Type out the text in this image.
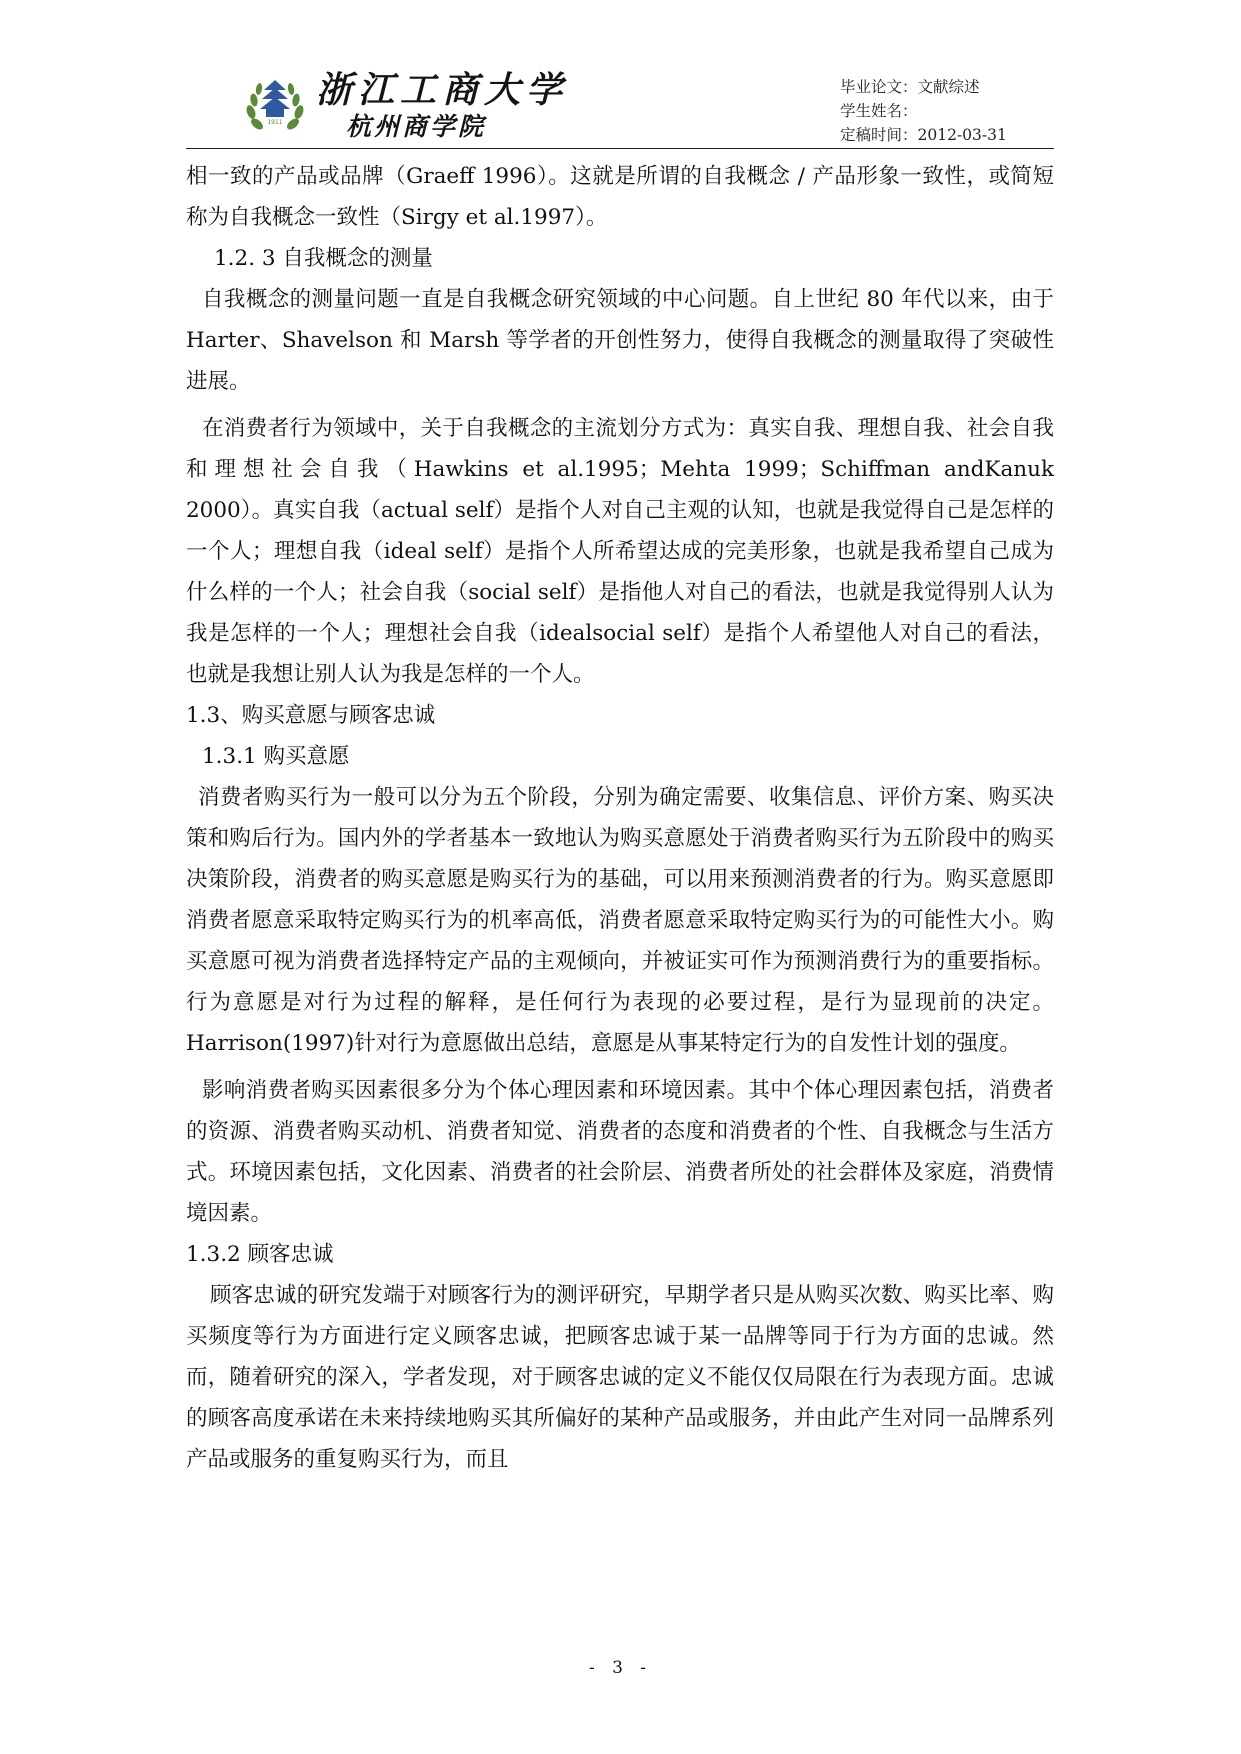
1911
浙江工商大学
杭州商学院
毕业论文：文献综述
学生姓名：
定稿时间：2012-03-31

相一致的产品或品牌（Graeff 1996）。这就是所谓的自我概念 / 产品形象一致性，或简短称为自我概念一致性（Sirgy et al.1997）。

1.2. 3 自我概念的测量

自我概念的测量问题一直是自我概念研究领域的中心问题。自上世纪 80 年代以来，由于 Harter、Shavelson 和 Marsh 等学者的开创性努力，使得自我概念的测量取得了突破性进展。

在消费者行为领域中，关于自我概念的主流划分方式为：真实自我、理想自我、社会自我和理想社会自我（Hawkins et al.1995；Mehta 1999；Schiffman andKanuk 2000）。真实自我（actual self）是指个人对自己主观的认知，也就是我觉得自己是怎样的一个人；理想自我（ideal self）是指个人所希望达成的完美形象，也就是我希望自己成为什么样的一个人；社会自我（social self）是指他人对自己的看法，也就是我觉得别人认为我是怎样的一个人；理想社会自我（idealsocial self）是指个人希望他人对自己的看法，也就是我想让别人认为我是怎样的一个人。

1.3、购买意愿与顾客忠诚

1.3.1 购买意愿

消费者购买行为一般可以分为五个阶段，分别为确定需要、收集信息、评价方案、购买决策和购后行为。国内外的学者基本一致地认为购买意愿处于消费者购买行为五阶段中的购买决策阶段，消费者的购买意愿是购买行为的基础，可以用来预测消费者的行为。购买意愿即消费者愿意采取特定购买行为的机率高低，消费者愿意采取特定购买行为的可能性大小。购买意愿可视为消费者选择特定产品的主观倾向，并被证实可作为预测消费行为的重要指标。行为意愿是对行为过程的解释，是任何行为表现的必要过程，是行为显现前的决定。Harrison(1997)针对行为意愿做出总结，意愿是从事某特定行为的自发性计划的强度。

影响消费者购买因素很多分为个体心理因素和环境因素。其中个体心理因素包括，消费者的资源、消费者购买动机、消费者知觉、消费者的态度和消费者的个性、自我概念与生活方式。环境因素包括，文化因素、消费者的社会阶层、消费者所处的社会群体及家庭，消费情境因素。

1.3.2 顾客忠诚

顾客忠诚的研究发端于对顾客行为的测评研究，早期学者只是从购买次数、购买比率、购买频度等行为方面进行定义顾客忠诚，把顾客忠诚于某一品牌等同于行为方面的忠诚。然而，随着研究的深入，学者发现，对于顾客忠诚的定义不能仅仅局限在行为表现方面。忠诚的顾客高度承诺在未来持续地购买其所偏好的某种产品或服务，并由此产生对同一品牌系列产品或服务的重复购买行为，而且

- 3 -
